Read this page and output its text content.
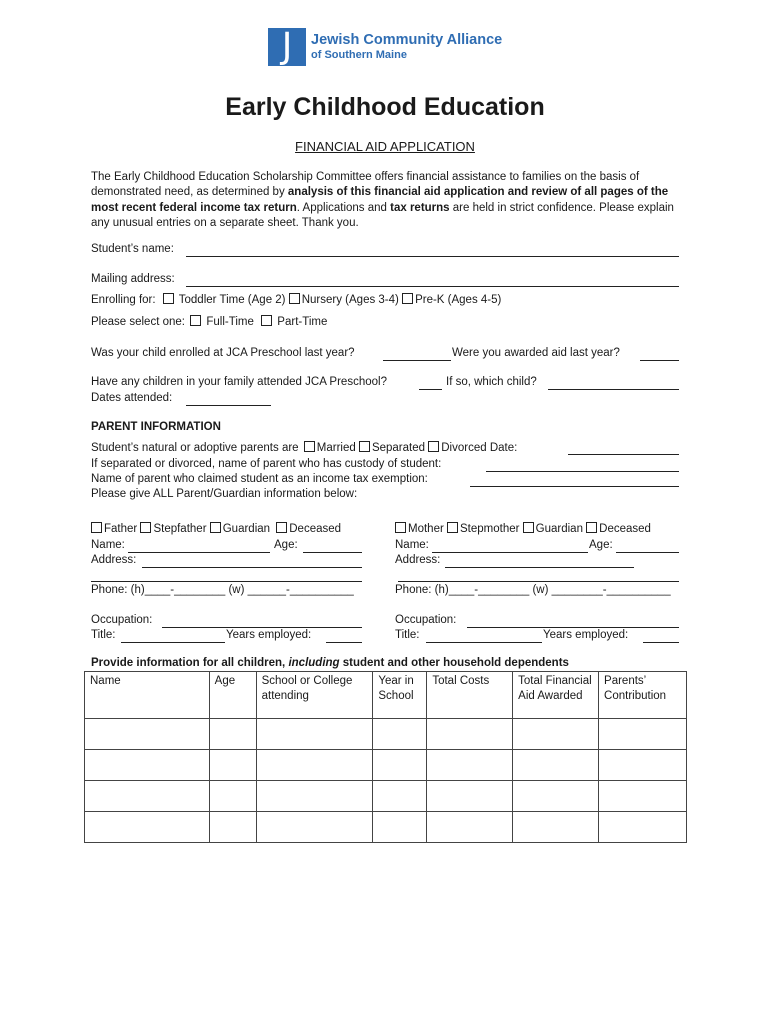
J	Jewish Community Alliance
of Southern Maine
Early Childhood Education
FINANCIAL AID APPLICATION
The Early Childhood Education Scholarship Committee offers financial assistance to families on the basis of demonstrated need, as determined by analysis of this financial aid application and review of all pages of the most recent federal income tax return. Applications and tax returns are held in strict confidence. Please explain any unusual entries on a separate sheet. Thank you.
Student’s name:
Mailing address:
Enrolling for: Toddler Time (Age 2) Nursery (Ages 3-4) Pre-K (Ages 4-5)
Please select one: Full-Time Part-Time
Was your child enrolled at JCA Preschool last year?	Were you awarded aid last year?
Have any children in your family attended JCA Preschool?	If so, which child?
Dates attended:
PARENT INFORMATION
Student’s natural or adoptive parents are Married Separated Divorced Date:
If separated or divorced, name of parent who has custody of student:
Name of parent who claimed student as an income tax exemption:
Please give ALL Parent/Guardian information below:
Father Stepfather Guardian Deceased
Name:	Age:
Address:
Phone: (h)____-________ (w) ______-__________
Occupation:
Title:	Years employed:
Mother Stepmother Guardian Deceased
Name:	Age:
Address:
Phone: (h)____-________ (w) ________-__________
Occupation:
Title:	Years employed:
Provide information for all children, including student and other household dependents
Name	Age	School or College attending	Year in School	Total Costs	Total Financial Aid Awarded	Parents’ Contribution
